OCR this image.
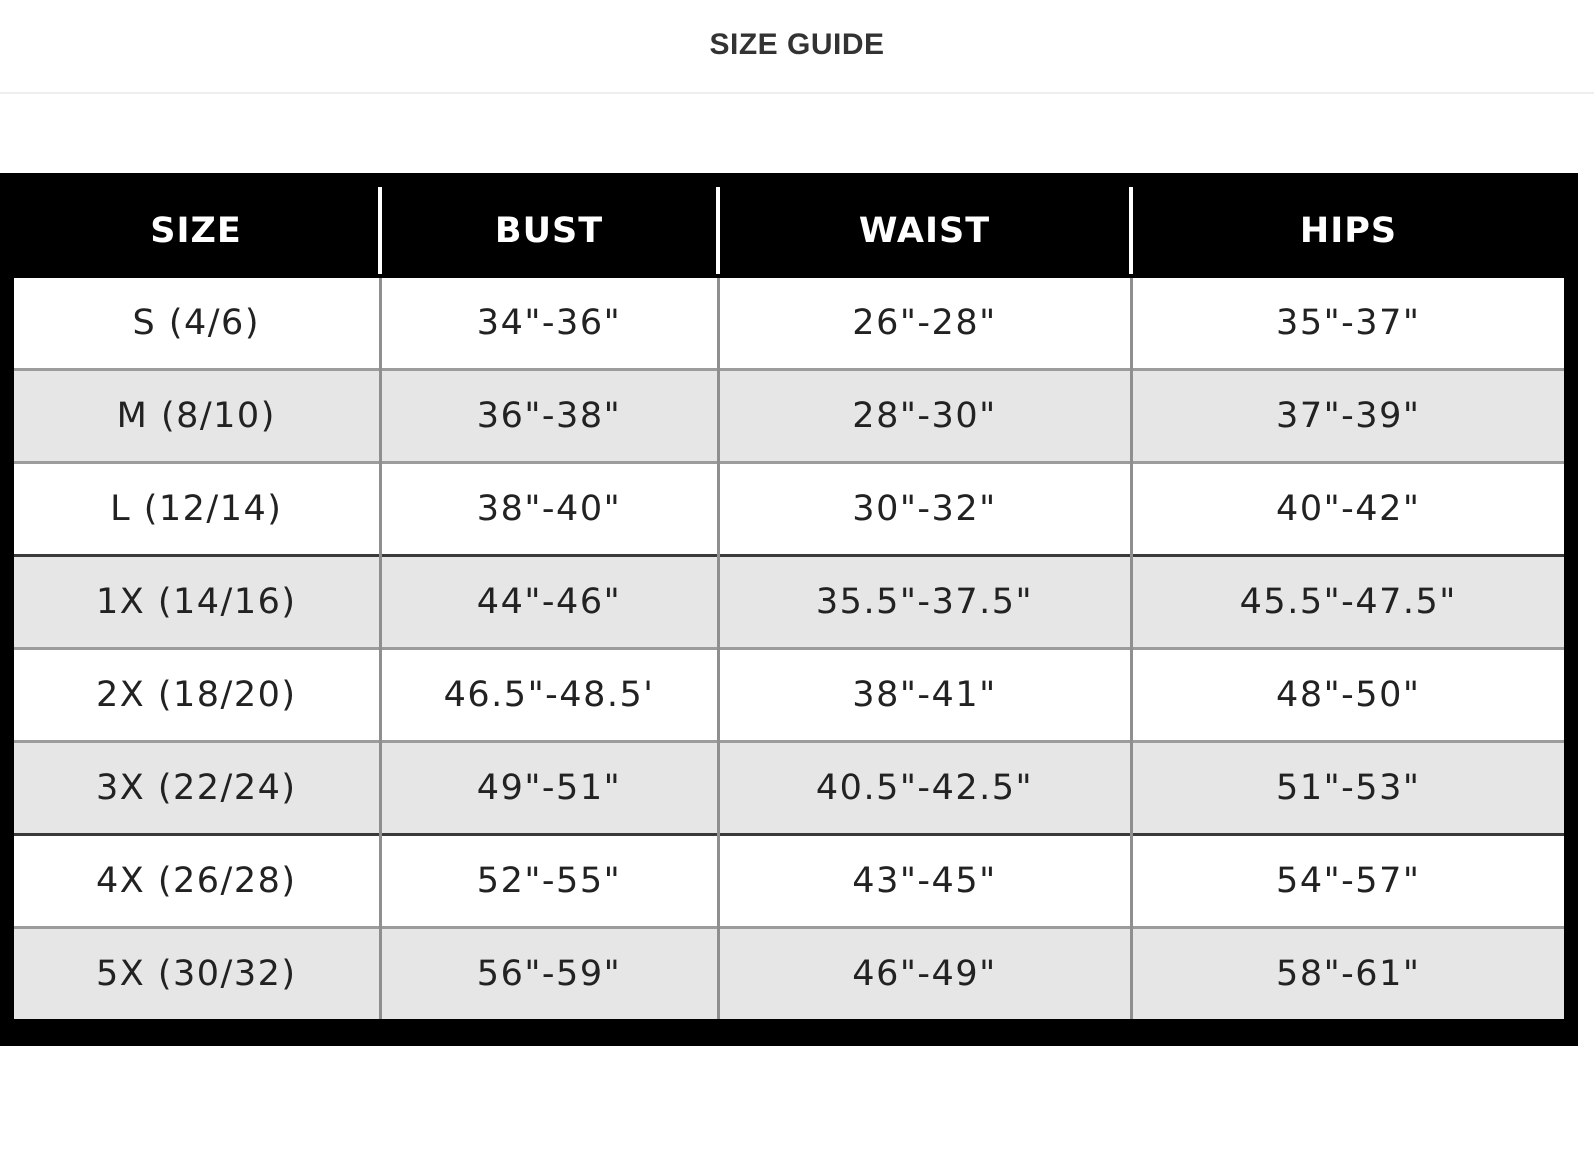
SIZE GUIDE
SIZE	BUST	WAIST	HIPS
S (4/6)	34"-36"	26"-28"	35"-37"
M (8/10)	36"-38"	28"-30"	37"-39"
L (12/14)	38"-40"	30"-32"	40"-42"
1X (14/16)	44"-46"	35.5"-37.5"	45.5"-47.5"
2X (18/20)	46.5"-48.5'	38"-41"	48"-50"
3X (22/24)	49"-51"	40.5"-42.5"	51"-53"
4X (26/28)	52"-55"	43"-45"	54"-57"
5X (30/32)	56"-59"	46"-49"	58"-61"
